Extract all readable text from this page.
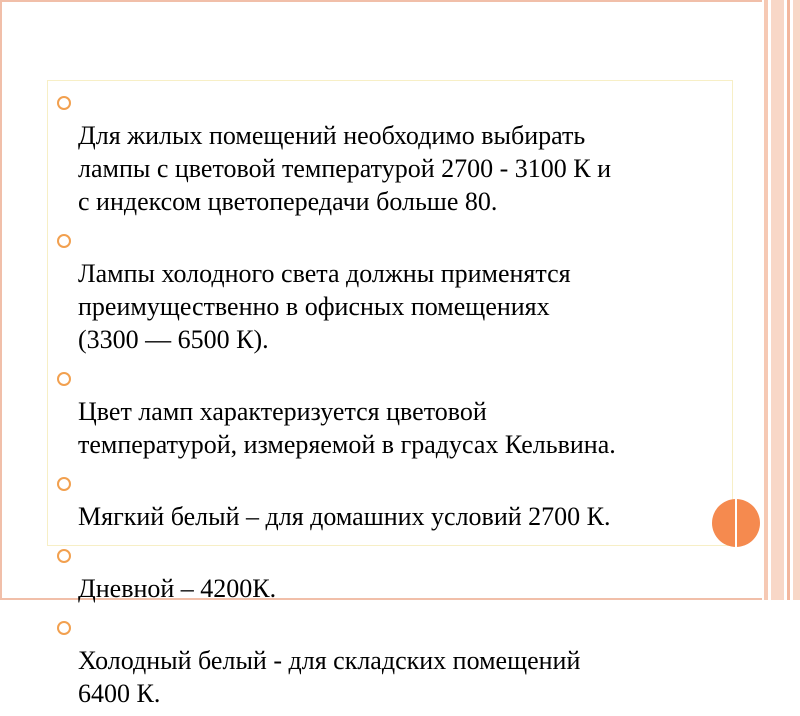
Для жилых помещений необходимо выбирать
лампы с цветовой температурой 2700 - 3100 К и
с индексом цветопередачи больше 80.

Лампы холодного света должны применятся
преимущественно в офисных помещениях
(3300 — 6500 К).

Цвет ламп характеризуется цветовой
температурой, измеряемой в градусах Кельвина.

Мягкий белый – для домашних условий 2700 К.

Дневной – 4200К.

Холодный белый - для складских помещений
6400 К.
